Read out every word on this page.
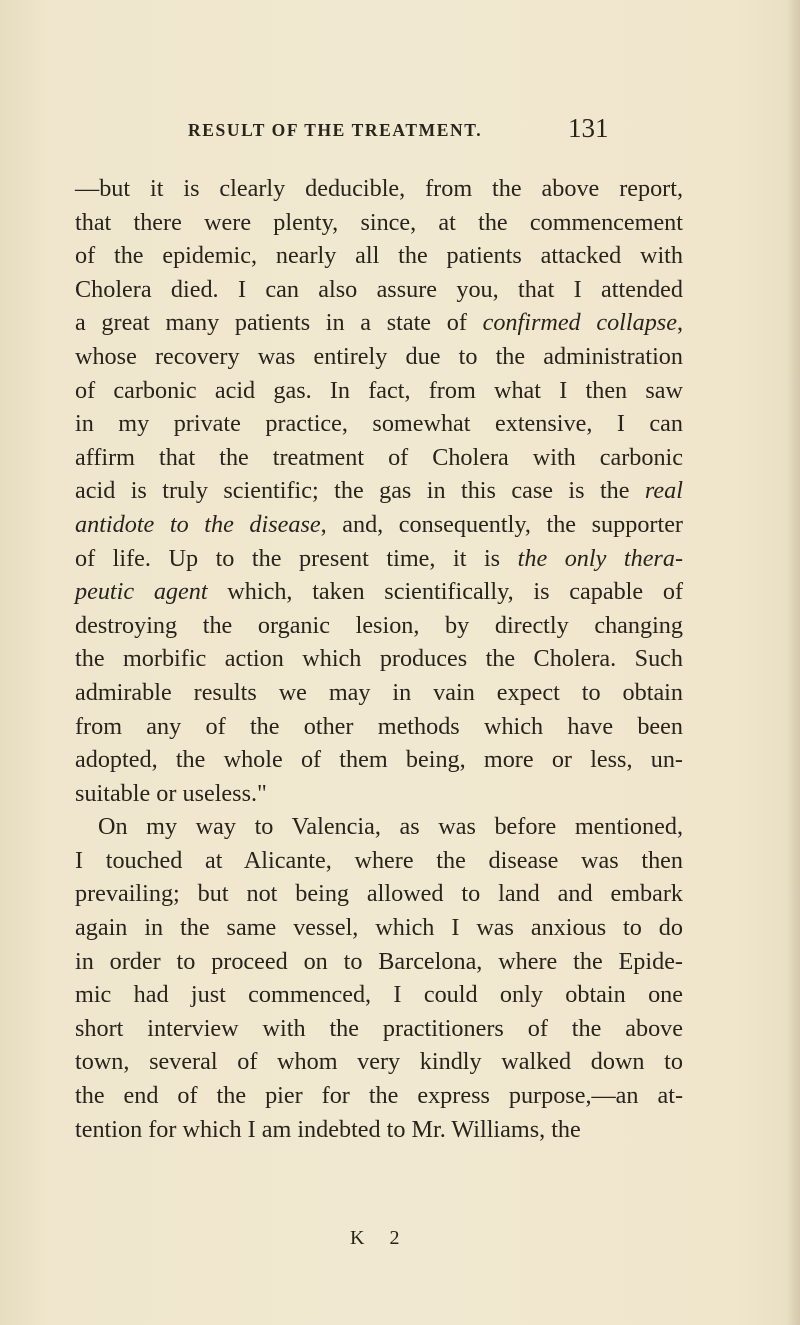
RESULT OF THE TREATMENT.	131
—but it is clearly deducible, from the above report,
that there were plenty, since, at the commencement
of the epidemic, nearly all the patients attacked with
Cholera died. I can also assure you, that I attended
a great many patients in a state of confirmed collapse,
whose recovery was entirely due to the administration
of carbonic acid gas. In fact, from what I then saw
in my private practice, somewhat extensive, I can
affirm that the treatment of Cholera with carbonic
acid is truly scientific; the gas in this case is the real
antidote to the disease, and, consequently, the supporter
of life. Up to the present time, it is the only thera-
peutic agent which, taken scientifically, is capable of
destroying the organic lesion, by directly changing
the morbific action which produces the Cholera. Such
admirable results we may in vain expect to obtain
from any of the other methods which have been
adopted, the whole of them being, more or less, un-
suitable or useless."
On my way to Valencia, as was before mentioned,
I touched at Alicante, where the disease was then
prevailing; but not being allowed to land and embark
again in the same vessel, which I was anxious to do
in order to proceed on to Barcelona, where the Epide-
mic had just commenced, I could only obtain one
short interview with the practitioners of the above
town, several of whom very kindly walked down to
the end of the pier for the express purpose,—an at-
tention for which I am indebted to Mr. Williams, the
K 2
